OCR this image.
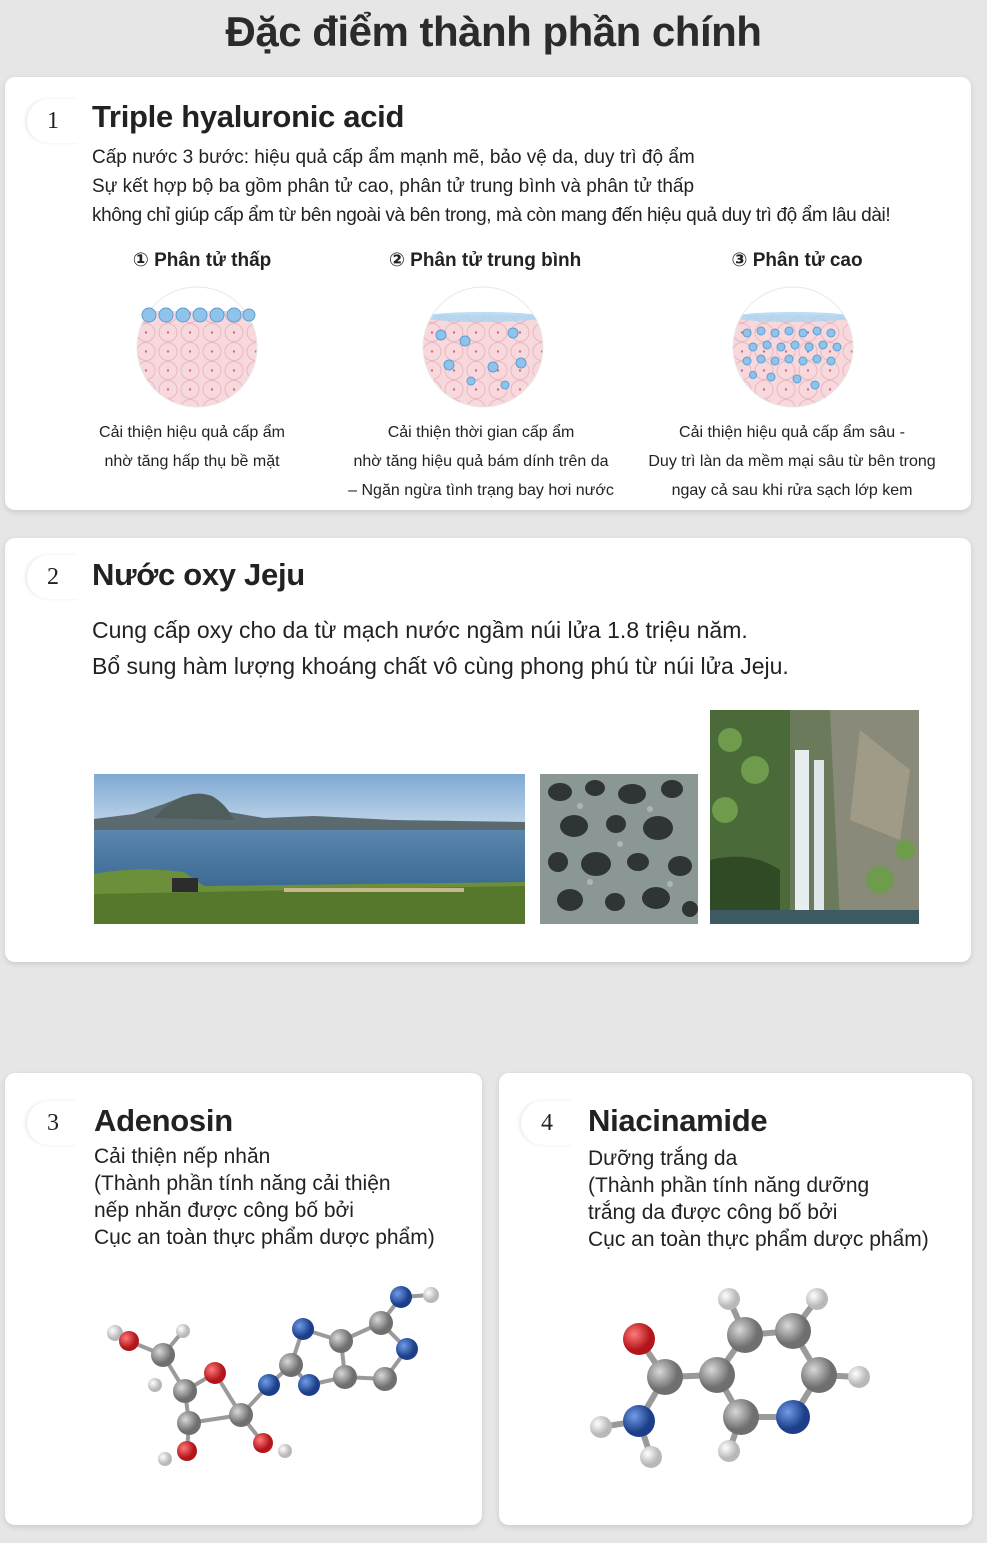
Đặc điểm thành phần chính
1	Triple hyaluronic acid
Cấp nước 3 bước: hiệu quả cấp ẩm mạnh mẽ, bảo vệ da, duy trì độ ẩm
Sự kết hợp bộ ba gồm phân tử cao, phân tử trung bình và phân tử thấp
không chỉ giúp cấp ẩm từ bên ngoài và bên trong, mà còn mang đến hiệu quả duy trì độ ẩm lâu dài!
① Phân tử thấp	② Phân tử trung bình	③ Phân tử cao
Cải thiện hiệu quả cấp ẩm
nhờ tăng hấp thụ bề mặt
Cải thiện thời gian cấp ẩm
nhờ tăng hiệu quả bám dính trên da
– Ngăn ngừa tình trạng bay hơi nước
Cải thiện hiệu quả cấp ẩm sâu -
Duy trì làn da mềm mại sâu từ bên trong
ngay cả sau khi rửa sạch lớp kem
2	Nước oxy Jeju
Cung cấp oxy cho da từ mạch nước ngầm núi lửa 1.8 triệu năm.
Bổ sung hàm lượng khoáng chất vô cùng phong phú từ núi lửa Jeju.
3	Adenosin
Cải thiện nếp nhăn
(Thành phần tính năng cải thiện
nếp nhăn được công bố bởi
Cục an toàn thực phẩm dược phẩm)
4	Niacinamide
Dưỡng trắng da
(Thành phần tính năng dưỡng
trắng da được công bố bởi
Cục an toàn thực phẩm dược phẩm)
